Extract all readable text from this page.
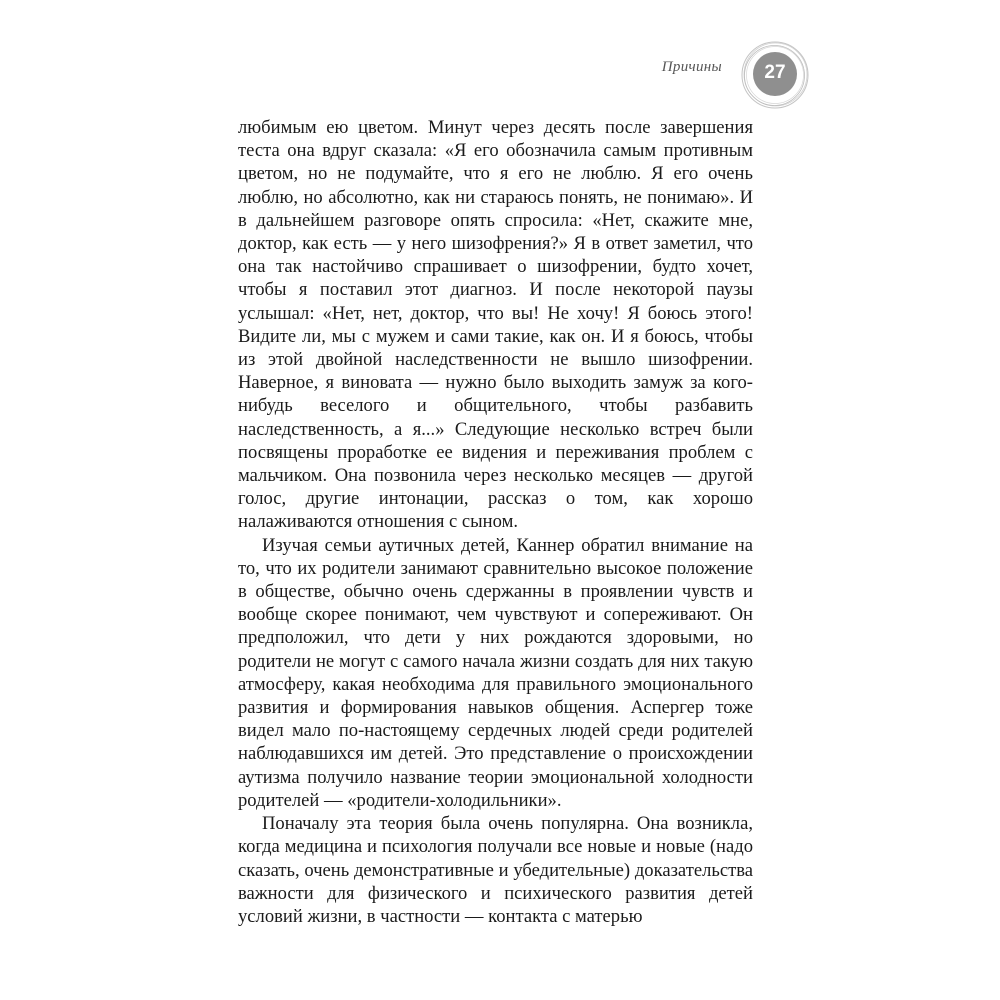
Причины	27

любимым ею цветом. Минут через десять после завершения теста она вдруг сказала: «Я его обозначила самым противным цветом, но не подумайте, что я его не люблю. Я его очень люблю, но абсолютно, как ни стараюсь понять, не понимаю». И в дальнейшем разговоре опять спросила: «Нет, скажите мне, доктор, как есть — у него шизофрения?» Я в ответ заметил, что она так настойчиво спрашивает о шизофрении, будто хочет, чтобы я поставил этот диагноз. И после некоторой паузы услышал: «Нет, нет, доктор, что вы! Не хочу! Я боюсь этого! Видите ли, мы с мужем и сами такие, как он. И я боюсь, чтобы из этой двойной наследственности не вышло шизофрении. Наверное, я виновата — нужно было выходить замуж за кого-нибудь веселого и общительного, чтобы разбавить наследственность, а я...» Следующие несколько встреч были посвящены проработке ее видения и переживания проблем с мальчиком. Она позвонила через несколько месяцев — другой голос, другие интонации, рассказ о том, как хорошо налаживаются отношения с сыном.

Изучая семьи аутичных детей, Каннер обратил внимание на то, что их родители занимают сравнительно высокое положение в обществе, обычно очень сдержанны в проявлении чувств и вообще скорее понимают, чем чувствуют и сопереживают. Он предположил, что дети у них рождаются здоровыми, но родители не могут с самого начала жизни создать для них такую атмосферу, какая необходима для правильного эмоционального развития и формирования навыков общения. Аспергер тоже видел мало по-настоящему сердечных людей среди родителей наблюдавшихся им детей. Это представление о происхождении аутизма получило название теории эмоциональной холодности родителей — «родители-холодильники».

Поначалу эта теория была очень популярна. Она возникла, когда медицина и психология получали все новые и новые (надо сказать, очень демонстративные и убедительные) доказательства важности для физического и психического развития детей условий жизни, в частности — контакта с матерью
